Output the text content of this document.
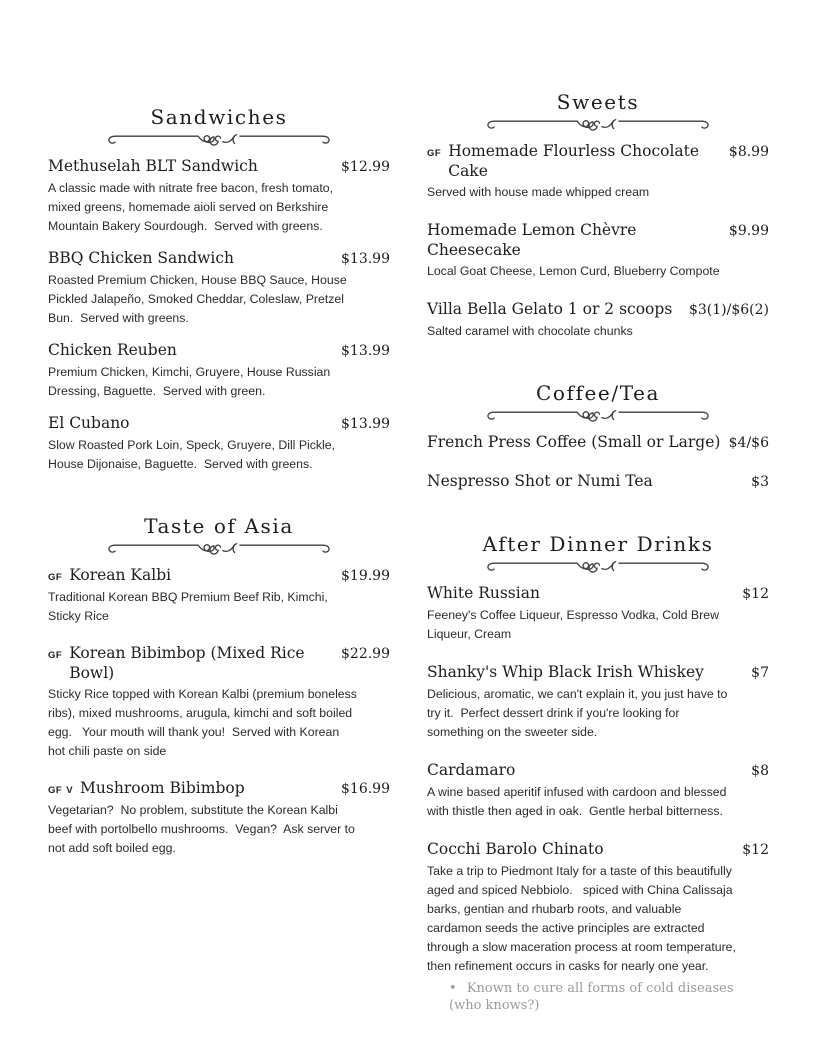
Sandwiches
Methuselah BLT Sandwich	$12.99
A classic made with nitrate free bacon, fresh tomato,
mixed greens, homemade aioli served on Berkshire
Mountain Bakery Sourdough.  Served with greens.
BBQ Chicken Sandwich	$13.99
Roasted Premium Chicken, House BBQ Sauce, House
Pickled Jalapeño, Smoked Cheddar, Coleslaw, Pretzel
Bun.  Served with greens.
Chicken Reuben	$13.99
Premium Chicken, Kimchi, Gruyere, House Russian
Dressing, Baguette.  Served with green.
El Cubano	$13.99
Slow Roasted Pork Loin, Speck, Gruyere, Dill Pickle,
House Dijonaise, Baguette.  Served with greens.
Taste of Asia
GF Korean Kalbi	$19.99
Traditional Korean BBQ Premium Beef Rib, Kimchi,
Sticky Rice
GF Korean Bibimbop (Mixed Rice Bowl)
$22.99
Sticky Rice topped with Korean Kalbi (premium boneless
ribs), mixed mushrooms, arugula, kimchi and soft boiled
egg.   Your mouth will thank you!  Served with Korean
hot chili paste on side
GF V Mushroom Bibimbop	$16.99
Vegetarian?  No problem, substitute the Korean Kalbi
beef with portolbello mushrooms.  Vegan?  Ask server to
not add soft boiled egg.
Sweets
GF Homemade Flourless Chocolate Cake
$8.99
Served with house made whipped cream
Homemade Lemon Chèvre Cheesecake
$9.99
Local Goat Cheese, Lemon Curd, Blueberry Compote
Villa Bella Gelato 1 or 2 scoops $3(1)/$6(2)
Salted caramel with chocolate chunks
Coffee/Tea
French Press Coffee (Small or Large) $4/$6
Nespresso Shot or Numi Tea	$3
After Dinner Drinks
White Russian	$12
Feeney's Coffee Liqueur, Espresso Vodka, Cold Brew
Liqueur, Cream
Shanky's Whip Black Irish Whiskey	$7
Delicious, aromatic, we can't explain it, you just have to
try it.  Perfect dessert drink if you're looking for
something on the sweeter side.
Cardamaro	$8
A wine based aperitif infused with cardoon and blessed
with thistle then aged in oak.  Gentle herbal bitterness.
Cocchi Barolo Chinato	$12
Take a trip to Piedmont Italy for a taste of this beautifully
aged and spiced Nebbiolo.   spiced with China Calissaja
barks, gentian and rhubarb roots, and valuable
cardamon seeds the active principles are extracted
through a slow maceration process at room temperature,
then refinement occurs in casks for nearly one year.
• Known to cure all forms of cold diseases (who knows?)
